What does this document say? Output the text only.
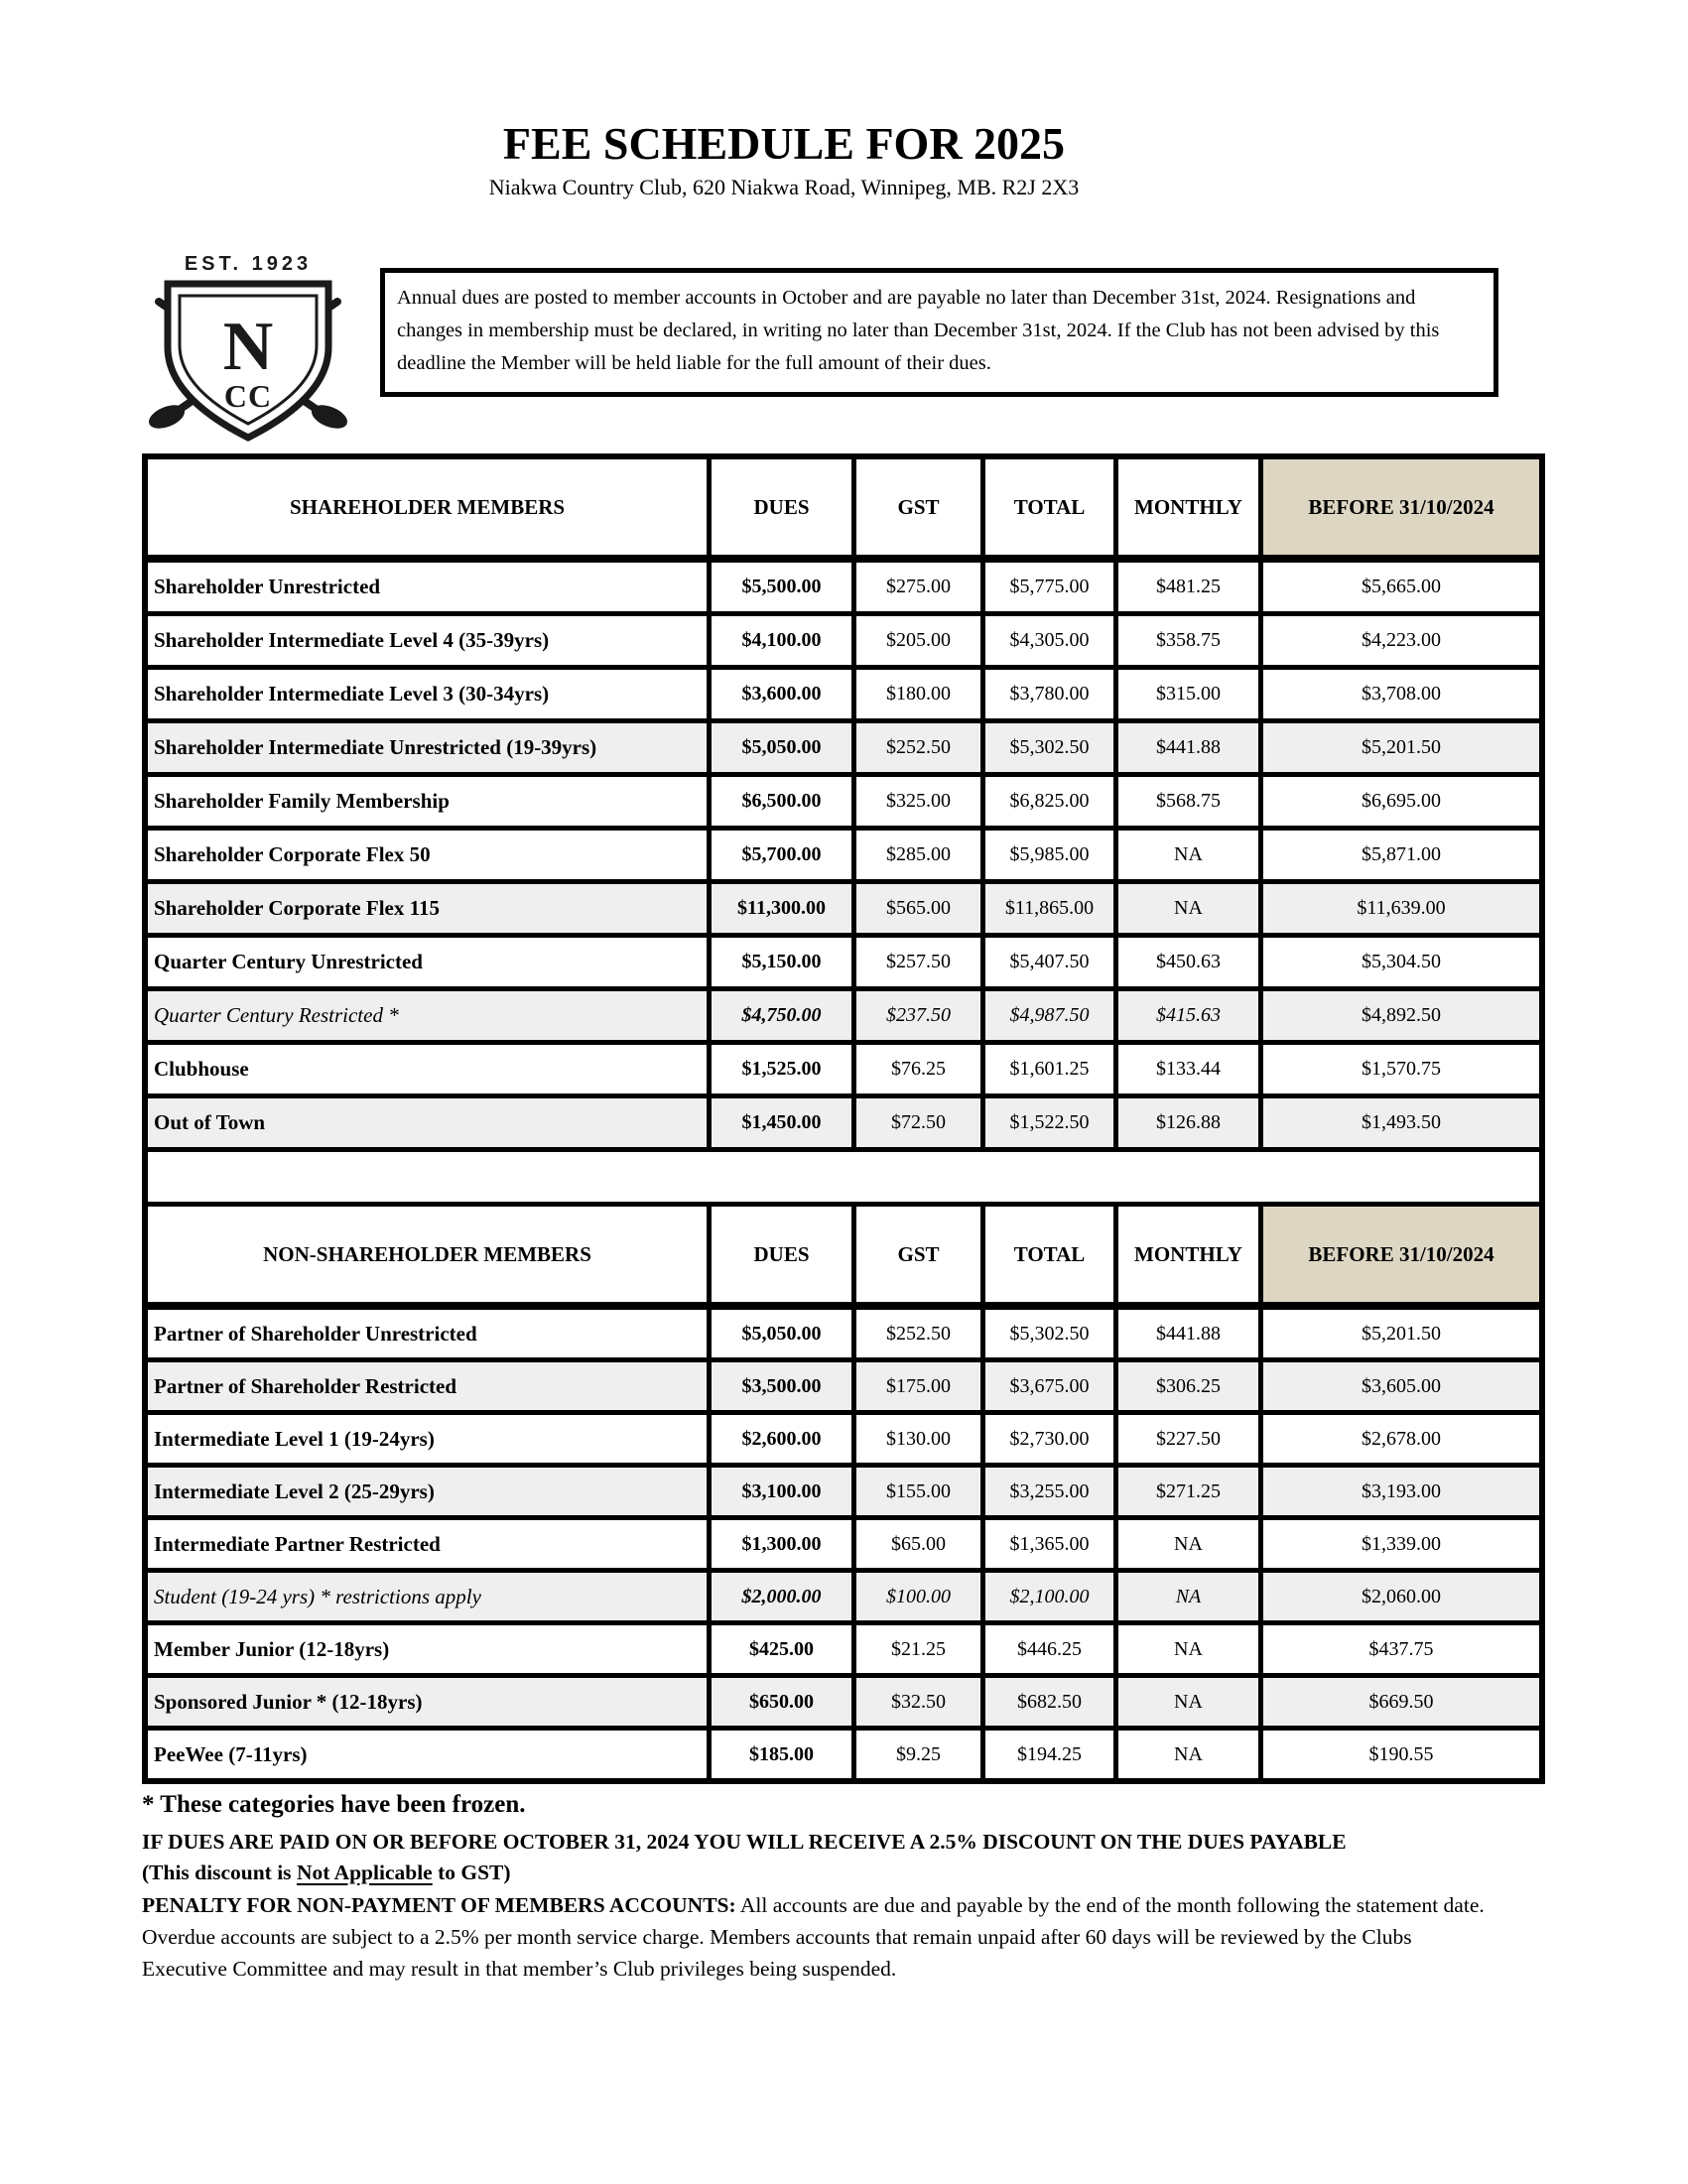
FEE SCHEDULE FOR 2025
Niakwa Country Club, 620 Niakwa Road, Winnipeg, MB. R2J 2X3
EST. 1923
N
CC
Annual dues are posted to member accounts in October and are payable no later than December 31st, 2024. Resignations and changes in membership must be declared, in writing no later than December 31st, 2024. If the Club has not been advised by this deadline the Member will be held liable for the full amount of their dues.
SHAREHOLDER MEMBERS	DUES	GST	TOTAL	MONTHLY	BEFORE 31/10/2024
Shareholder Unrestricted	$5,500.00	$275.00	$5,775.00	$481.25	$5,665.00
Shareholder Intermediate Level 4 (35-39yrs)	$4,100.00	$205.00	$4,305.00	$358.75	$4,223.00
Shareholder Intermediate Level 3 (30-34yrs)	$3,600.00	$180.00	$3,780.00	$315.00	$3,708.00
Shareholder Intermediate Unrestricted (19-39yrs)	$5,050.00	$252.50	$5,302.50	$441.88	$5,201.50
Shareholder Family Membership	$6,500.00	$325.00	$6,825.00	$568.75	$6,695.00
Shareholder Corporate Flex 50	$5,700.00	$285.00	$5,985.00	NA	$5,871.00
Shareholder Corporate Flex 115	$11,300.00	$565.00	$11,865.00	NA	$11,639.00
Quarter Century Unrestricted	$5,150.00	$257.50	$5,407.50	$450.63	$5,304.50
Quarter Century Restricted *	$4,750.00	$237.50	$4,987.50	$415.63	$4,892.50
Clubhouse	$1,525.00	$76.25	$1,601.25	$133.44	$1,570.75
Out of Town	$1,450.00	$72.50	$1,522.50	$126.88	$1,493.50
NON-SHAREHOLDER MEMBERS	DUES	GST	TOTAL	MONTHLY	BEFORE 31/10/2024
Partner of Shareholder Unrestricted	$5,050.00	$252.50	$5,302.50	$441.88	$5,201.50
Partner of Shareholder Restricted	$3,500.00	$175.00	$3,675.00	$306.25	$3,605.00
Intermediate Level 1 (19-24yrs)	$2,600.00	$130.00	$2,730.00	$227.50	$2,678.00
Intermediate Level 2 (25-29yrs)	$3,100.00	$155.00	$3,255.00	$271.25	$3,193.00
Intermediate Partner Restricted	$1,300.00	$65.00	$1,365.00	NA	$1,339.00
Student (19-24 yrs) * restrictions apply	$2,000.00	$100.00	$2,100.00	NA	$2,060.00
Member Junior (12-18yrs)	$425.00	$21.25	$446.25	NA	$437.75
Sponsored Junior * (12-18yrs)	$650.00	$32.50	$682.50	NA	$669.50
PeeWee (7-11yrs)	$185.00	$9.25	$194.25	NA	$190.55
* These categories have been frozen.
IF DUES ARE PAID ON OR BEFORE OCTOBER 31, 2024 YOU WILL RECEIVE A 2.5% DISCOUNT ON THE DUES PAYABLE
(This discount is Not Applicable to GST)
PENALTY FOR NON-PAYMENT OF MEMBERS ACCOUNTS: All accounts are due and payable by the end of the month following the statement date. Overdue accounts are subject to a 2.5% per month service charge. Members accounts that remain unpaid after 60 days will be reviewed by the Clubs Executive Committee and may result in that member’s Club privileges being suspended.
